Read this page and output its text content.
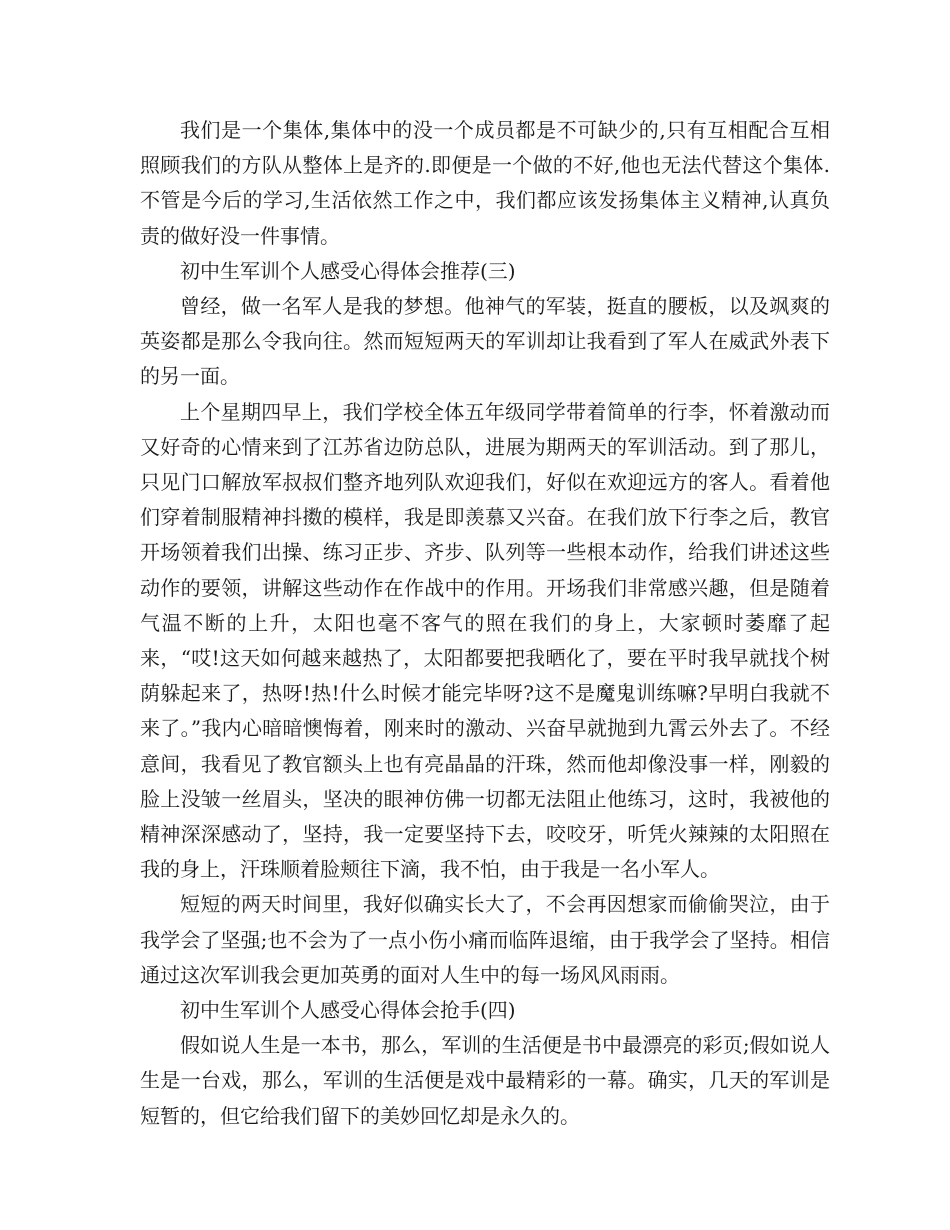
我们是一个集体,集体中的没一个成员都是不可缺少的,只有互相配合互相照顾我们的方队从整体上是齐的.即便是一个做的不好,他也无法代替这个集体.不管是今后的学习,生活依然工作之中，我们都应该发扬集体主义精神,认真负责的做好没一件事情。

初中生军训个人感受心得体会推荐(三)

曾经，做一名军人是我的梦想。他神气的军装，挺直的腰板，以及飒爽的英姿都是那么令我向往。然而短短两天的军训却让我看到了军人在威武外表下的另一面。

上个星期四早上，我们学校全体五年级同学带着简单的行李，怀着激动而又好奇的心情来到了江苏省边防总队，进展为期两天的军训活动。到了那儿，只见门口解放军叔叔们整齐地列队欢迎我们，好似在欢迎远方的客人。看着他们穿着制服精神抖擞的模样，我是即羡慕又兴奋。在我们放下行李之后，教官开场领着我们出操、练习正步、齐步、队列等一些根本动作，给我们讲述这些动作的要领，讲解这些动作在作战中的作用。开场我们非常感兴趣，但是随着气温不断的上升，太阳也毫不客气的照在我们的身上，大家顿时萎靡了起来，“哎!这天如何越来越热了，太阳都要把我晒化了，要在平时我早就找个树荫躲起来了，热呀!热!什么时候才能完毕呀?这不是魔鬼训练嘛?早明白我就不来了。”我内心暗暗懊悔着，刚来时的激动、兴奋早就抛到九霄云外去了。不经意间，我看见了教官额头上也有亮晶晶的汗珠，然而他却像没事一样，刚毅的脸上没皱一丝眉头，坚决的眼神仿佛一切都无法阻止他练习，这时，我被他的精神深深感动了，坚持，我一定要坚持下去，咬咬牙，听凭火辣辣的太阳照在我的身上，汗珠顺着脸颊往下滴，我不怕，由于我是一名小军人。

短短的两天时间里，我好似确实长大了，不会再因想家而偷偷哭泣，由于我学会了坚强;也不会为了一点小伤小痛而临阵退缩，由于我学会了坚持。相信通过这次军训我会更加英勇的面对人生中的每一场风风雨雨。

初中生军训个人感受心得体会抢手(四)

假如说人生是一本书，那么，军训的生活便是书中最漂亮的彩页;假如说人生是一台戏，那么，军训的生活便是戏中最精彩的一幕。确实，几天的军训是短暂的，但它给我们留下的美妙回忆却是永久的。
